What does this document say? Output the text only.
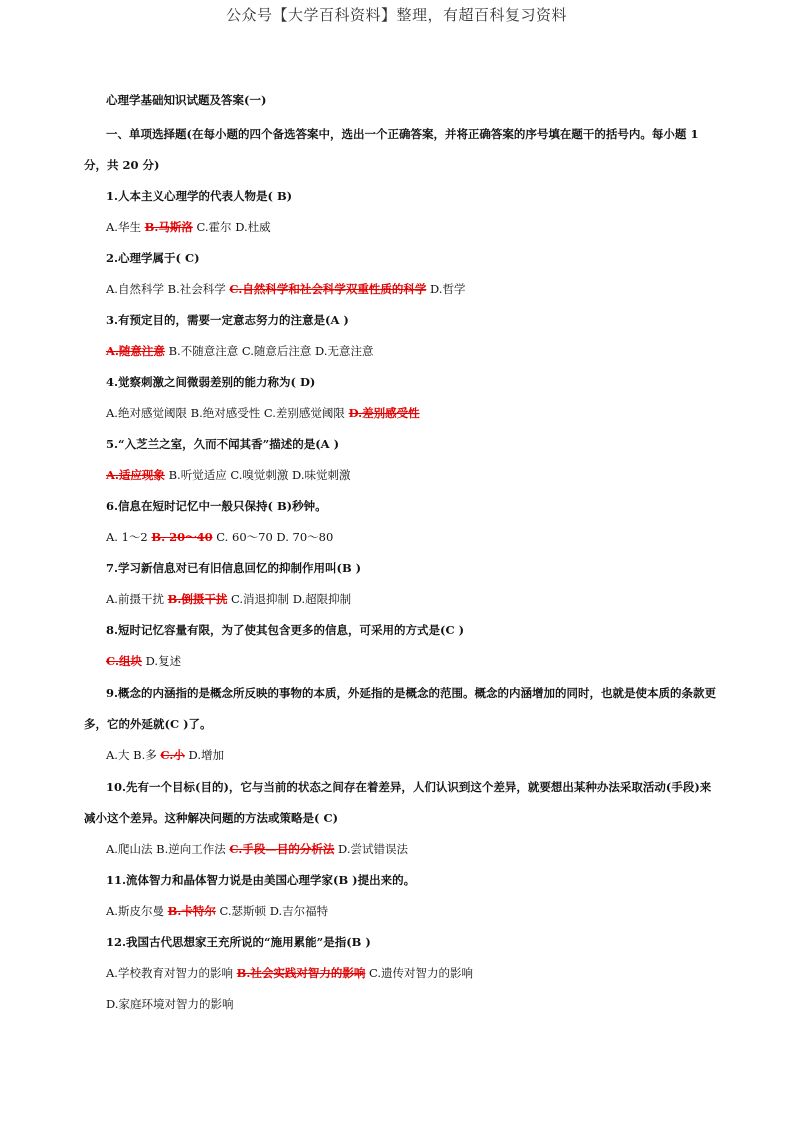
公众号【大学百科资料】整理，有超百科复习资料
心理学基础知识试题及答案(一)
一、单项选择题(在每小题的四个备选答案中，选出一个正确答案，并将正确答案的序号填在题干的括号内。每小题 1 分，共 20 分)
1.人本主义心理学的代表人物是( B)
A.华生 B.马斯洛 C.霍尔 D.杜威
2.心理学属于( C)
A.自然科学 B.社会科学 C.自然科学和社会科学双重性质的科学 D.哲学
3.有预定目的，需要一定意志努力的注意是(A )
A.随意注意 B.不随意注意 C.随意后注意 D.无意注意
4.觉察刺激之间微弱差别的能力称为( D)
A.绝对感觉阈限 B.绝对感受性 C.差别感觉阈限 D.差别感受性
5.“入芝兰之室，久而不闻其香”描述的是(A )
A.适应现象 B.听觉适应 C.嗅觉刺激 D.味觉刺激
6.信息在短时记忆中一般只保持( B)秒钟。
A. 1～2 B. 20～40 C. 60～70 D. 70～80
7.学习新信息对已有旧信息回忆的抑制作用叫(B )
A.前摄干扰 B.倒摄干扰 C.消退抑制 D.超限抑制
8.短时记忆容量有限，为了使其包含更多的信息，可采用的方式是(C )
C.组块 D.复述
9.概念的内涵指的是概念所反映的事物的本质，外延指的是概念的范围。概念的内涵增加的同时，也就是使本质的条款更多，它的外延就(C )了。
A.大 B.多 C.小 D.增加
10.先有一个目标(目的)，它与当前的状态之间存在着差异，人们认识到这个差异，就要想出某种办法采取活动(手段)来减小这个差异。这种解决问题的方法或策略是( C)
A.爬山法 B.逆向工作法 C.手段—目的分析法 D.尝试错误法
11.流体智力和晶体智力说是由美国心理学家(B )提出来的。
A.斯皮尔曼 B.卡特尔 C.瑟斯顿 D.吉尔福特
12.我国古代思想家王充所说的“施用累能”是指(B )
A.学校教育对智力的影响 B.社会实践对智力的影响 C.遗传对智力的影响
D.家庭环境对智力的影响
